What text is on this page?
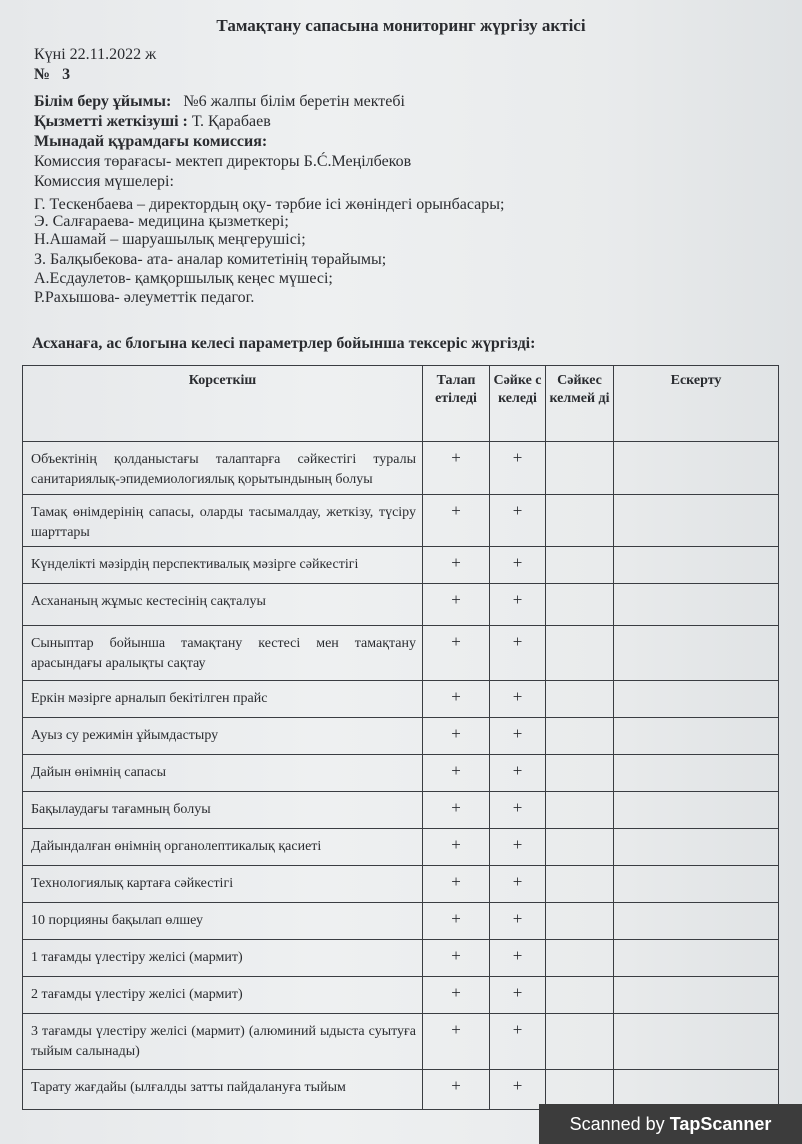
Тамақтану сапасына мониторинг жүргізу актісі
Күні 22.11.2022 ж
№ 3
Білім беру ұйымы: №6 жалпы білім беретін мектебі
Қызметті жеткізуші : Т. Қарабаев
Мынадай құрамдағы комиссия:
Комиссия төрағасы- мектеп директоры Б.Ć.Меңілбеков
Комиссия мүшелері:
Г. Тескенбаева – директордың оқу- тәрбие ісі жөніндегі орынбасары;
Э. Салғараева- медицина қызметкері;
Н.Ашамай – шаруашылық меңгерушісі;
З. Балқыбекова- ата- аналар комитетінің төрайымы;
А.Есдаулетов- қамқоршылық кеңес мүшесі;
Р.Рахышова- әлеуметтік педагог.
Асханаға, ас блогына келесі параметрлер бойынша тексеріс жүргізді:
Корсеткіш	Талап етіледі	Сәйке с келеді	Сәйкес келмей ді	Ескерту
Объектінің қолданыстағы талаптарға сәйкестігі туралы санитариялық-эпидемиологиялық қорытындының болуы	+	+		
Тамақ өнімдерінің сапасы, оларды тасымалдау, жеткізу, түсіру шарттары	+	+		
Күнделікті мәзірдің перспективалық мәзірге сәйкестігі	+	+		
Асхананың жұмыс кестесінің сақталуы	+	+		
Сыныптар бойынша тамақтану кестесі мен тамақтану арасындағы аралықты сақтау	+	+		
Еркін мәзірге арналып бекітілген прайс	+	+		
Ауыз су режимін ұйымдастыру	+	+		
Дайын өнімнің сапасы	+	+		
Бақылаудағы тағамның болуы	+	+		
Дайындалған өнімнің органолептикалық қасиеті	+	+		
Технологиялық картаға сәйкестігі	+	+		
10 порцияны бақылап өлшеу	+	+		
1 тағамды үлестіру желісі (мармит)	+	+		
2 тағамды үлестіру желісі (мармит)	+	+		
3 тағамды үлестіру желісі (мармит) (алюминий ыдыста суытуға тыйым салынады)	+	+		
Тарату жағдайы (ылғалды затты пайдалануға тыйым	+	+		
Scanned by TapScanner
